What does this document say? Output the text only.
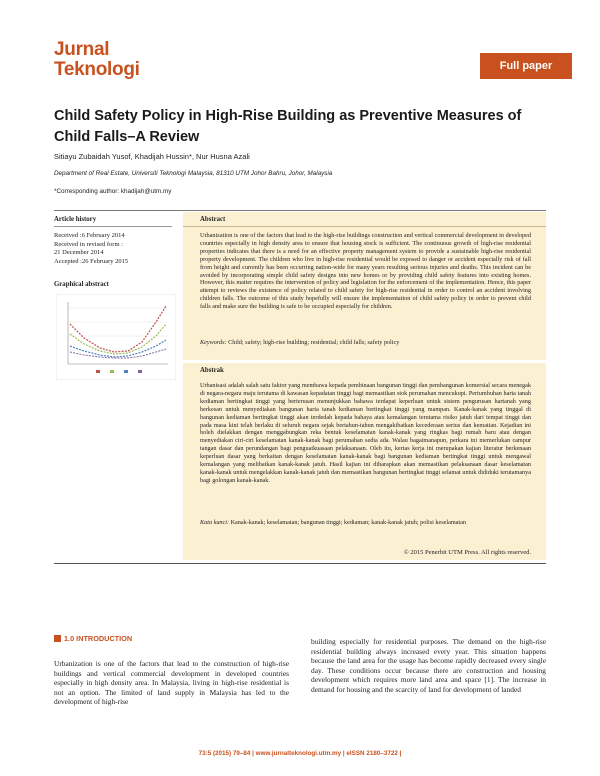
Jurnal
Teknologi	Full paper
Child Safety Policy in High-Rise Building as Preventive Measures of Child Falls–A Review
Sitiayu Zubaidah Yusof, Khadijah Hussin*, Nur Husna Azali
Department of Real Estate, Universiti Teknologi Malaysia, 81310 UTM Johor Bahru, Johor, Malaysia
*Corresponding author: khadijah@utm.my
Article history
Received :6 February 2014
Received in revised form :
21 December 2014
Accepted :26 February 2015
Graphical abstract
Abstract
Urbanization is one of the factors that lead to the high-rise buildings construction and vertical commercial development in developed countries especially in high density area to ensure that housing stock is sufficient. The continuous growth of high-rise residential properties indicates that there is a need for an effective property management system to provide a sustainable high-rise residential property development. The children who live in high-rise residential would be exposed to danger or accident especially risk of fall from height and currently has been occurring nation-wide for many years resulting serious injuries and deaths. This incident can be avoided by incorporating simple child safety designs into new homes or by providing child safety features into existing homes. However, this matter requires the intervention of policy and legislation for the enforcement of the implementation. Hence, this paper attempt to reviews the existence of policy related to child safety for high-rise residential in order to control an accident involving children falls. The outcome of this study hopefully will ensure the implementation of child safety policy in order to prevent child falls and make sure the building is safe to be occupied especially for children.
Keywords: Child; safety; high-rise building; residential; child falls; safety policy
Abstrak
Urbanisasi adalah salah satu faktor yang membawa kepada pembinaan bangunan tinggi dan pembangunan komersial secara menegak di negara-negara maju terutama di kawasan kepadatan tinggi bagi memastikan stok perumahan mencukupi. Pertumbuhan harta tanah kediaman bertingkat tinggi yang berterusan menunjukkan bahawa terdapat keperluan untuk sistem pengurusan hartanah yang berkesan untuk menyediakan bangunan harta tanah kediaman bertingkat tinggi yang mampan. Kanak-kanak yang tinggal di bangunan kediaman bertingkat tinggi akan terdedah kepada bahaya atau kemalangan terutama risiko jatuh dari tempat tinggi dan pada masa kini telah berlaku di seluruh negara sejak bertahun-tahun mengakibatkan kecederaan serius dan kematian. Kejadian ini boleh dielakkan dengan menggabungkan reka bentuk keselamatan kanak-kanak yang ringkas bagi rumah baru atau dengan menyediakan ciri-ciri keselamatan kanak-kanak bagi perumahan sedia ada. Walau bagaimanapun, perkara ini memerlukan campur tangan dasar dan perundangan bagi penguatkuasaan pelaksanaan. Oleh itu, kertas kerja ini merupakan kajian literatur berkenaan keperluan dasar yang berkaitan dengan keselamatan kanak-kanak bagi bangunan kediaman bertingkat tinggi untuk mengawal kemalangan yang melibatkan kanak-kanak jatuh. Hasil kajian ini diharapkan akan memastikan pelaksanaan dasar keselamatan kanak-kanak untuk mengelakkan kanak-kanak jatuh dan memastikan bangunan bertingkat tinggi selamat untuk dididuki terutamanya bagi golongan kanak-kanak.
Kata kunci: Kanak-kanak; keselamatan; bangunan tinggi; kediaman; kanak-kanak jatuh; polisi keselamatan
© 2015 Penerbit UTM Press. All rights reserved.
1.0 INTRODUCTION
Urbanization is one of the factors that lead to the construction of high-rise buildings and vertical commercial development in developed countries especially in high density area. In Malaysia, living in high-rise residential is not an option. The limited of land supply in Malaysia has led to the development of high-rise
building especially for residential purposes. The demand on the high-rise residential building always increased every year. This situation happens because the land area for the usage has become rapidly decreased every single day. These conditions occur because there are construction and housing development which requires more land area and space [1]. The increase in demand for housing and the scarcity of land for development of landed
73:5 (2015) 79–84 | www.jurnalteknologi.utm.my | eISSN 2180–3722 |
